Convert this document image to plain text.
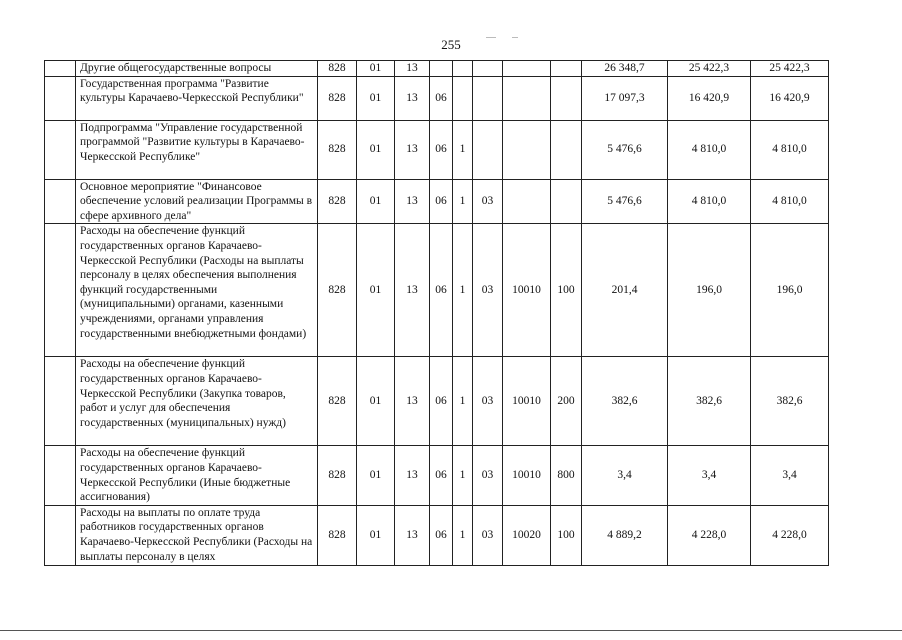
255
	Другие общегосударственные вопросы	828	01	13						26 348,7	25 422,3	25 422,3
	Государственная программа "Развитие культуры Карачаево-Черкесской Республики"	828	01	13	06					17 097,3	16 420,9	16 420,9
	Подпрограмма "Управление государственной программой "Развитие культуры в Карачаево-Черкесской Республике"	828	01	13	06	1				5 476,6	4 810,0	4 810,0
	Основное мероприятие "Финансовое обеспечение условий реализации Программы в сфере архивного дела"	828	01	13	06	1	03			5 476,6	4 810,0	4 810,0
	Расходы на обеспечение функций государственных органов Карачаево-Черкесской Республики (Расходы на выплаты персоналу в целях обеспечения выполнения функций государственными (муниципальными) органами, казенными учреждениями, органами управления государственными внебюджетными фондами)	828	01	13	06	1	03	10010	100	201,4	196,0	196,0
	Расходы на обеспечение функций государственных органов Карачаево-Черкесской Республики (Закупка товаров, работ и услуг для обеспечения государственных (муниципальных) нужд)	828	01	13	06	1	03	10010	200	382,6	382,6	382,6
	Расходы на обеспечение функций государственных органов Карачаево-Черкесской Республики (Иные бюджетные ассигнования)	828	01	13	06	1	03	10010	800	3,4	3,4	3,4
	Расходы на выплаты по оплате труда работников государственных органов Карачаево-Черкесской Республики (Расходы на выплаты персоналу в целях	828	01	13	06	1	03	10020	100	4 889,2	4 228,0	4 228,0
